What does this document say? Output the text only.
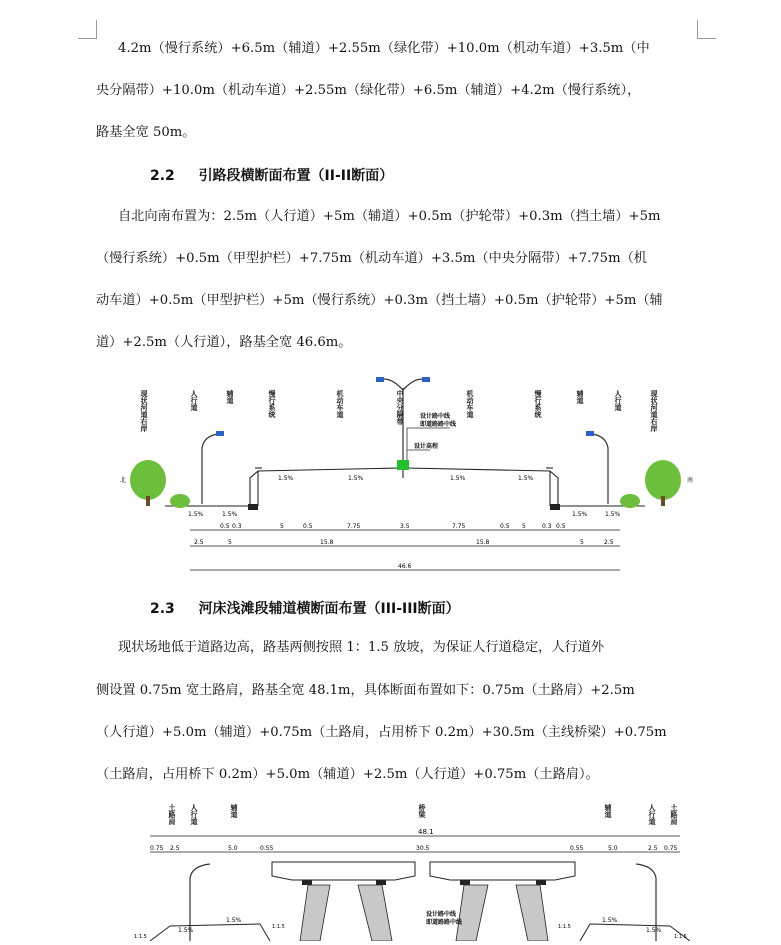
4.2m（慢行系统）+6.5m（辅道）+2.55m（绿化带）+10.0m（机动车道）+3.5m（中
央分隔带）+10.0m（机动车道）+2.55m（绿化带）+6.5m（辅道）+4.2m（慢行系统），
路基全宽 50m。
2.2 引路段横断面布置（II-II断面）
自北向南布置为：2.5m（人行道）+5m（辅道）+0.5m（护轮带）+0.3m（挡土墙）+5m
（慢行系统）+0.5m（甲型护栏）+7.75m（机动车道）+3.5m（中央分隔带）+7.75m（机
动车道）+0.5m（甲型护栏）+5m（慢行系统）+0.3m（挡土墙）+0.5m（护轮带）+5m（辅
道）+2.5m（人行道），路基全宽 46.6m。
设计路中线
即道路路中线
设计高程
北	南
1.5%	1.5%
1.5%	1.5%	1.5%	1.5%
1.5%	1.5%
0.5 0.3	5	0.5	7.75	3.5	7.75	0.5 5	0.3 0.5
2.5	5	15.8	15.8	5	2.5
46.6
现状河道右岸	人行道	辅道	慢行系统	机动车道	中央分隔带	机动车道	慢行系统	辅道	人行道	现状河道右岸
2.3 河床浅滩段辅道横断面布置（III-III断面）
现状场地低于道路边高，路基两侧按照 1：1.5 放坡，为保证人行道稳定，人行道外
侧设置 0.75m 宽土路肩，路基全宽 48.1m，具体断面布置如下：0.75m（土路肩）+2.5m
（人行道）+5.0m（辅道）+0.75m（土路肩，占用桥下 0.2m）+30.5m（主线桥梁）+0.75m
（土路肩，占用桥下 0.2m）+5.0m（辅道）+2.5m（人行道）+0.75m（土路肩）。
48.1
0.75 2.5	5.0	0.55	30.5	0.55	5.0	2.5 0.75
1.5%
1.5%	1.5%
1.5%
1:1.5
1:1.5	1:1.5
1:1.5
设计路中线
即道路路中线
土路肩 人行道	辅道	桥梁	辅道	人行道 土路肩
